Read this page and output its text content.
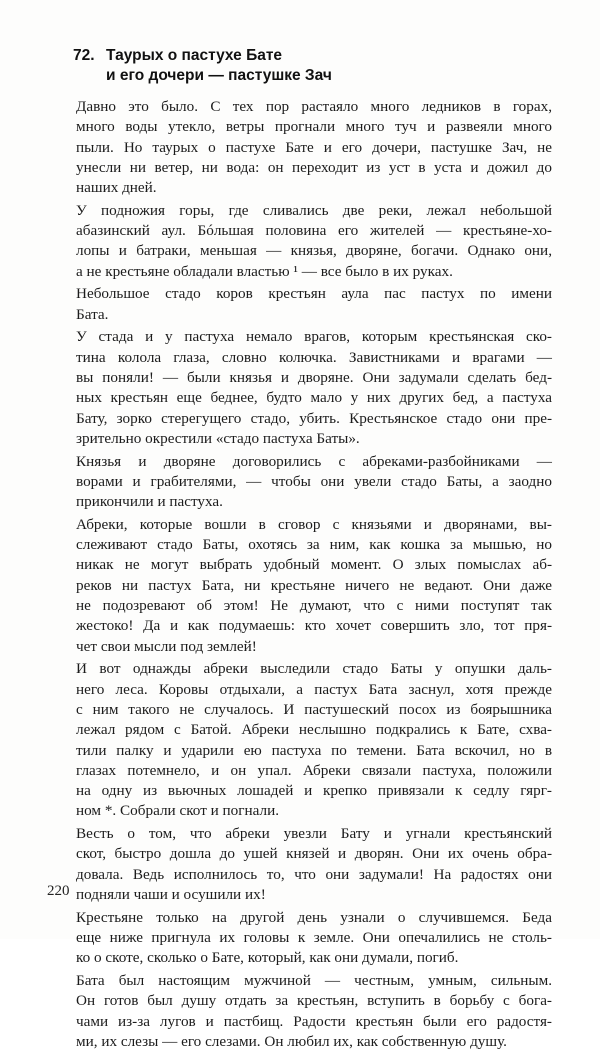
72. Таурых о пастухе Бате
и его дочери — пастушке Зач

Давно это было. С тех пор растаяло много ледников в горах,
много воды утекло, ветры прогнали много туч и развеяли много
пыли. Но таурых о пастухе Бате и его дочери, пастушке Зач, не
унесли ни ветер, ни вода: он переходит из уст в уста и дожил до
наших дней.

У подножия горы, где сливались две реки, лежал небольшой
абазинский аул. Бóльшая половина его жителей — крестьяне-хо-
лопы и батраки, меньшая — князья, дворяне, богачи. Однако они,
а не крестьяне обладали властью ¹ — все было в их руках.

Небольшое стадо коров крестьян аула пас пастух по имени
Бата.

У стада и у пастуха немало врагов, которым крестьянская ско-
тина колола глаза, словно колючка. Завистниками и врагами —
вы поняли! — были князья и дворяне. Они задумали сделать бед-
ных крестьян еще беднее, будто мало у них других бед, а пастуха
Бату, зорко стерегущего стадо, убить. Крестьянское стадо они пре-
зрительно окрестили «стадо пастуха Баты».

Князья и дворяне договорились с абреками-разбойниками —
ворами и грабителями, — чтобы они увели стадо Баты, а заодно
прикончили и пастуха.

Абреки, которые вошли в сговор с князьями и дворянами, вы-
слеживают стадо Баты, охотясь за ним, как кошка за мышью, но
никак не могут выбрать удобный момент. О злых помыслах аб-
реков ни пастух Бата, ни крестьяне ничего не ведают. Они даже
не подозревают об этом! Не думают, что с ними поступят так
жестоко! Да и как подумаешь: кто хочет совершить зло, тот пря-
чет свои мысли под землей!

И вот однажды абреки выследили стадо Баты у опушки даль-
него леса. Коровы отдыхали, а пастух Бата заснул, хотя прежде
с ним такого не случалось. И пастушеский посох из боярышника
лежал рядом с Батой. Абреки неслышно подкрались к Бате, схва-
тили палку и ударили ею пастуха по темени. Бата вскочил, но в
глазах потемнело, и он упал. Абреки связали пастуха, положили
на одну из вьючных лошадей и крепко привязали к седлу гярг-
ном *. Собрали скот и погнали.

Весть о том, что абреки увезли Бату и угнали крестьянский
скот, быстро дошла до ушей князей и дворян. Они их очень обра-
довала. Ведь исполнилось то, что они задумали! На радостях они
подняли чаши и осушили их!

Крестьяне только на другой день узнали о случившемся. Беда
еще ниже пригнула их головы к земле. Они опечалились не столь-
ко о скоте, сколько о Бате, который, как они думали, погиб.

Бата был настоящим мужчиной — честным, умным, сильным.
Он готов был душу отдать за крестьян, вступить в борьбу с бога-
чами из-за лугов и пастбищ. Радости крестьян были его радостя-
ми, их слезы — его слезами. Он любил их, как собственную душу.

220
